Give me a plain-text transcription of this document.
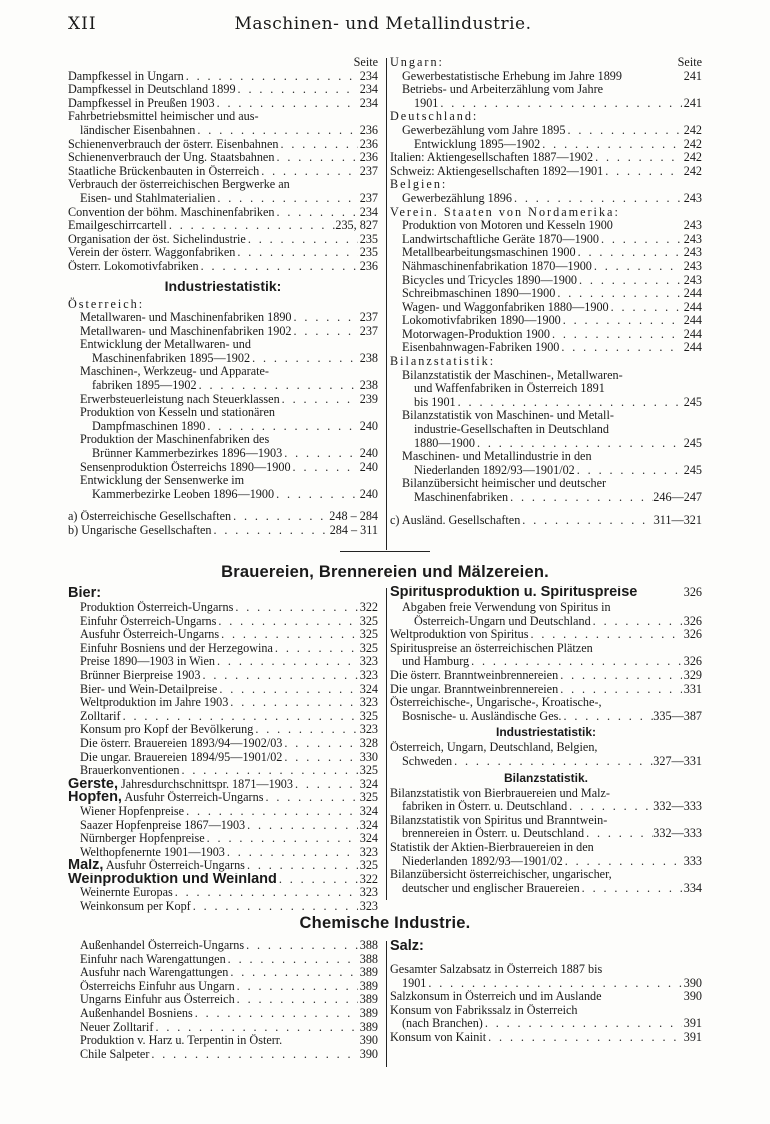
XII	Maschinen- und Metallindustrie.
Seite
Dampfkessel in Ungarn . . .	234
Dampfkessel in Deutschland 1899 . . .	234
Dampfkessel in Preußen 1903 . . .	234
Fahrbetriebsmittel heimischer und aus-
ländischer Eisenbahnen . . .	236
Schienenverbrauch der österr. Eisenbahnen . . .	236
Schienenverbrauch der Ung. Staatsbahnen . . .	236
Staatliche Brückenbauten in Österreich . . .	237
Verbrauch der österreichischen Bergwerke an
Eisen- und Stahlmaterialien . . .	237
Convention der böhm. Maschinenfabriken . . .	234
Emailgeschirrcartell . . .	235, 827
Organisation der öst. Sichelindustrie . . .	235
Verein der österr. Waggonfabriken . . .	235
Österr. Lokomotivfabriken . . .	236
Industriestatistik:
Österreich:
Metallwaren- und Maschinenfabriken 1890 . . .	237
Metallwaren- und Maschinenfabriken 1902 . . .	237
Entwicklung der Metallwaren- und
Maschinenfabriken 1895—1902 . . .	238
Maschinen-, Werkzeug- und Apparate-
fabriken 1895—1902 . . .	238
Erwerbsteuerleistung nach Steuerklassen . . .	239
Produktion von Kesseln und stationären
Dampfmaschinen 1890 . . .	240
Produktion der Maschinenfabriken des
Brünner Kammerbezirkes 1896—1903 . . .	240
Sensenproduktion Österreichs 1890—1900 . . .	240
Entwicklung der Sensenwerke im
Kammerbezirke Leoben 1896—1900 . . .	240
a) Österreichische Gesellschaften . . .	248 – 284
b) Ungarische Gesellschaften . . .	284 – 311
Ungarn:	Seite
Gewerbestatistische Erhebung im Jahre 1899	241
Betriebs- und Arbeiterzählung vom Jahre
1901 . . .	241
Deutschland:
Gewerbezählung vom Jahre 1895 . . .	242
Entwicklung 1895—1902 . . .	242
Italien: Aktiengesellschaften 1887—1902 . . .	242
Schweiz: Aktiengesellschaften 1892—1901 . . .	242
Belgien:
Gewerbezählung 1896 . . .	243
Verein. Staaten von Nordamerika:
Produktion von Motoren und Kesseln 1900	243
Landwirtschaftliche Geräte 1870—1900 . . .	243
Metallbearbeitungsmaschinen 1900 . . .	243
Nähmaschinenfabrikation 1870—1900 . . .	243
Bicycles und Tricycles 1890—1900 . . .	243
Schreibmaschinen 1890—1900 . . .	244
Wagen- und Waggonfabriken 1880—1900 . . .	244
Lokomotivfabriken 1890—1900 . . .	244
Motorwagen-Produktion 1900 . . .	244
Eisenbahnwagen-Fabriken 1900 . . .	244
Bilanzstatistik:
Bilanzstatistik der Maschinen-, Metallwaren-
und Waffenfabriken in Österreich 1891
bis 1901 . . .	245
Bilanzstatistik von Maschinen- und Metall-
industrie-Gesellschaften in Deutschland
1880—1900 . . .	245
Maschinen- und Metallindustrie in den
Niederlanden 1892/93—1901/02 . . .	245
Bilanzübersicht heimischer und deutscher
Maschinenfabriken . . .	246—247
c) Ausländ. Gesellschaften . . .	311—321
Brauereien, Brennereien und Mälzereien.
Bier:
Produktion Österreich-Ungarns . . .	322
Einfuhr Österreich-Ungarns . . .	325
Ausfuhr Österreich-Ungarns . . .	325
Einfuhr Bosniens und der Herzegowina . . .	325
Preise 1890—1903 in Wien . . .	323
Brünner Bierpreise 1903 . . .	323
Bier- und Wein-Detailpreise . . .	324
Weltproduktion im Jahre 1903 . . .	323
Zolltarif . . .	325
Konsum pro Kopf der Bevölkerung . . .	323
Die österr. Brauereien 1893/94—1902/03 . . .	328
Die ungar. Brauereien 1894/95—1901/02 . . .	330
Brauerkonventionen . . .	325
Gerste, Jahresdurchschnittspr. 1871—1903 . . .	324
Hopfen, Ausfuhr Österreich-Ungarns . . .	325
Wiener Hopfenpreise . . .	324
Saazer Hopfenpreise 1867—1903 . . .	324
Nürnberger Hopfenpreise . . .	324
Welthopfenernte 1901—1903 . . .	323
Malz, Ausfuhr Österreich-Ungarns . . .	325
Weinproduktion und Weinland . . .	322
Weinernte Europas . . .	323
Weinkonsum per Kopf . . .	323
Spiritusproduktion u. Spirituspreise	326
Abgaben freie Verwendung von Spiritus in
Österreich-Ungarn und Deutschland . . .	326
Weltproduktion von Spiritus . . .	326
Spirituspreise an österreichischen Plätzen
und Hamburg . . .	326
Die österr. Branntweinbrennereien . . .	329
Die ungar. Branntweinbrennereien . . .	331
Österreichische-, Ungarische-, Kroatische-,
Bosnische- u. Ausländische Ges. . . .	335—387
Industriestatistik:
Österreich, Ungarn, Deutschland, Belgien,
Schweden . . .	327—331
Bilanzstatistik.
Bilanzstatistik von Bierbrauereien und Malz-
fabriken in Österr. u. Deutschland . . .	332—333
Bilanzstatistik von Spiritus und Branntwein-
brennereien in Österr. u. Deutschland . . .	332—333
Statistik der Aktien-Bierbrauereien in den
Niederlanden 1892/93—1901/02 . . .	333
Bilanzübersicht österreichischer, ungarischer,
deutscher und englischer Brauereien . . .	334
Chemische Industrie.
Außenhandel Österreich-Ungarns . . .	388
Einfuhr nach Warengattungen . . .	388
Ausfuhr nach Warengattungen . . .	389
Österreichs Einfuhr aus Ungarn . . .	389
Ungarns Einfuhr aus Österreich . . .	389
Außenhandel Bosniens . . .	389
Neuer Zolltarif . . .	389
Produktion v. Harz u. Terpentin in Österr.	390
Chile Salpeter . . .	390
Salz:
Gesamter Salzabsatz in Österreich 1887 bis
1901 . . .	390
Salzkonsum in Österreich und im Auslande	390
Konsum von Fabrikssalz in Österreich
(nach Branchen) . . .	391
Konsum von Kainit . . .	391
